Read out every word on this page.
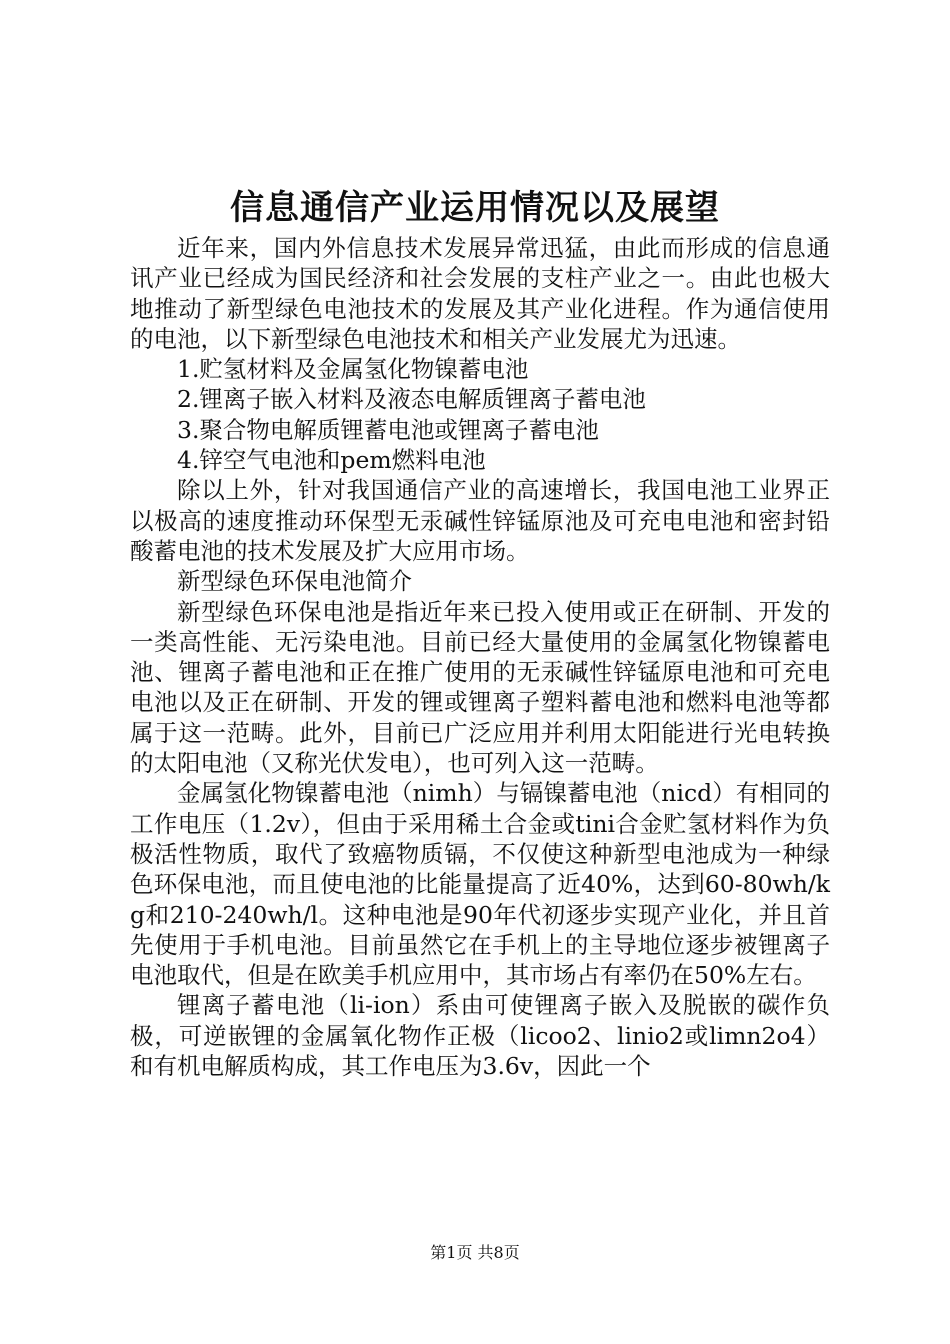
信息通信产业运用情况以及展望

近年来，国内外信息技术发展异常迅猛，由此而形成的信息通讯产业已经成为国民经济和社会发展的支柱产业之一。由此也极大地推动了新型绿色电池技术的发展及其产业化进程。作为通信使用的电池，以下新型绿色电池技术和相关产业发展尤为迅速。

1.贮氢材料及金属氢化物镍蓄电池

2.锂离子嵌入材料及液态电解质锂离子蓄电池

3.聚合物电解质锂蓄电池或锂离子蓄电池

4.锌空气电池和pem燃料电池

除以上外，针对我国通信产业的高速增长，我国电池工业界正以极高的速度推动环保型无汞碱性锌锰原池及可充电电池和密封铅酸蓄电池的技术发展及扩大应用市场。

新型绿色环保电池简介

新型绿色环保电池是指近年来已投入使用或正在研制、开发的一类高性能、无污染电池。目前已经大量使用的金属氢化物镍蓄电池、锂离子蓄电池和正在推广使用的无汞碱性锌锰原电池和可充电电池以及正在研制、开发的锂或锂离子塑料蓄电池和燃料电池等都属于这一范畴。此外，目前已广泛应用并利用太阳能进行光电转换的太阳电池（又称光伏发电），也可列入这一范畴。

金属氢化物镍蓄电池（nimh）与镉镍蓄电池（nicd）有相同的工作电压（1.2v），但由于采用稀土合金或tini合金贮氢材料作为负极活性物质，取代了致癌物质镉，不仅使这种新型电池成为一种绿色环保电池，而且使电池的比能量提高了近40%，达到60-80wh/kg和210-240wh/l。这种电池是90年代初逐步实现产业化，并且首先使用于手机电池。目前虽然它在手机上的主导地位逐步被锂离子电池取代，但是在欧美手机应用中，其市场占有率仍在50%左右。

锂离子蓄电池（li-ion）系由可使锂离子嵌入及脱嵌的碳作负极，可逆嵌锂的金属氧化物作正极（licoo2、linio2或limn2o4）和有机电解质构成，其工作电压为3.6v，因此一个

第1页 共8页
